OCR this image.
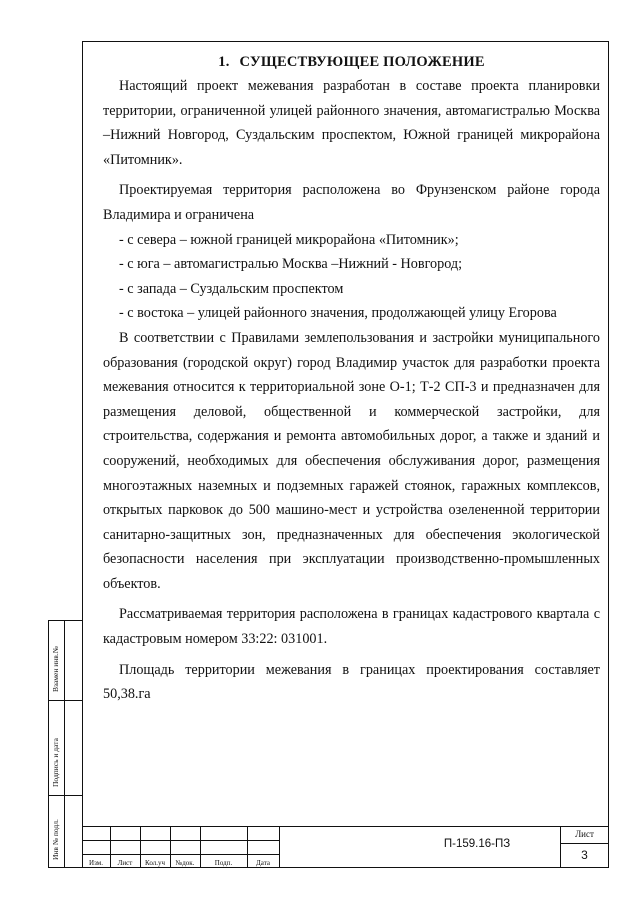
1. СУЩЕСТВУЮЩЕЕ ПОЛОЖЕНИЕ

Настоящий проект межевания разработан в составе проекта планировки территории, ограниченной улицей районного значения, автомагистралью Москва –Нижний Новгород, Суздальским проспектом, Южной границей микрорайона «Питомник».

Проектируемая территория расположена во Фрунзенском районе города Владимира и ограничена

- с севера – южной границей микрорайона «Питомник»;
- с юга – автомагистралью Москва –Нижний - Новгород;
- с запада – Суздальским проспектом
- с востока – улицей районного значения, продолжающей улицу Егорова

В соответствии с Правилами землепользования и застройки муниципального образования (городской округ) город Владимир участок для разработки проекта межевания относится к территориальной зоне О-1; Т-2 СП-3 и предназначен для размещения деловой, общественной и коммерческой застройки, для строительства, содержания и ремонта автомобильных дорог, а также и зданий и сооружений, необходимых для обеспечения обслуживания дорог, размещения многоэтажных наземных и подземных гаражей стоянок, гаражных комплексов, открытых парковок до 500 машино-мест и устройства озелененной территории санитарно-защитных зон, предназначенных для обеспечения экологической безопасности населения при эксплуатации производственно-промышленных объектов.

Рассматриваемая территория расположена в границах кадастрового квартала с кадастровым номером 33:22: 031001.

Площадь территории межевания в границах проектирования составляет 50,38.га

Взамен инв.№
Подпись и дата
Инв № подл.
Изм.	Лист	Кол.уч	№док.	Подп.	Дата
П-159.16-ПЗ
Лист
3
